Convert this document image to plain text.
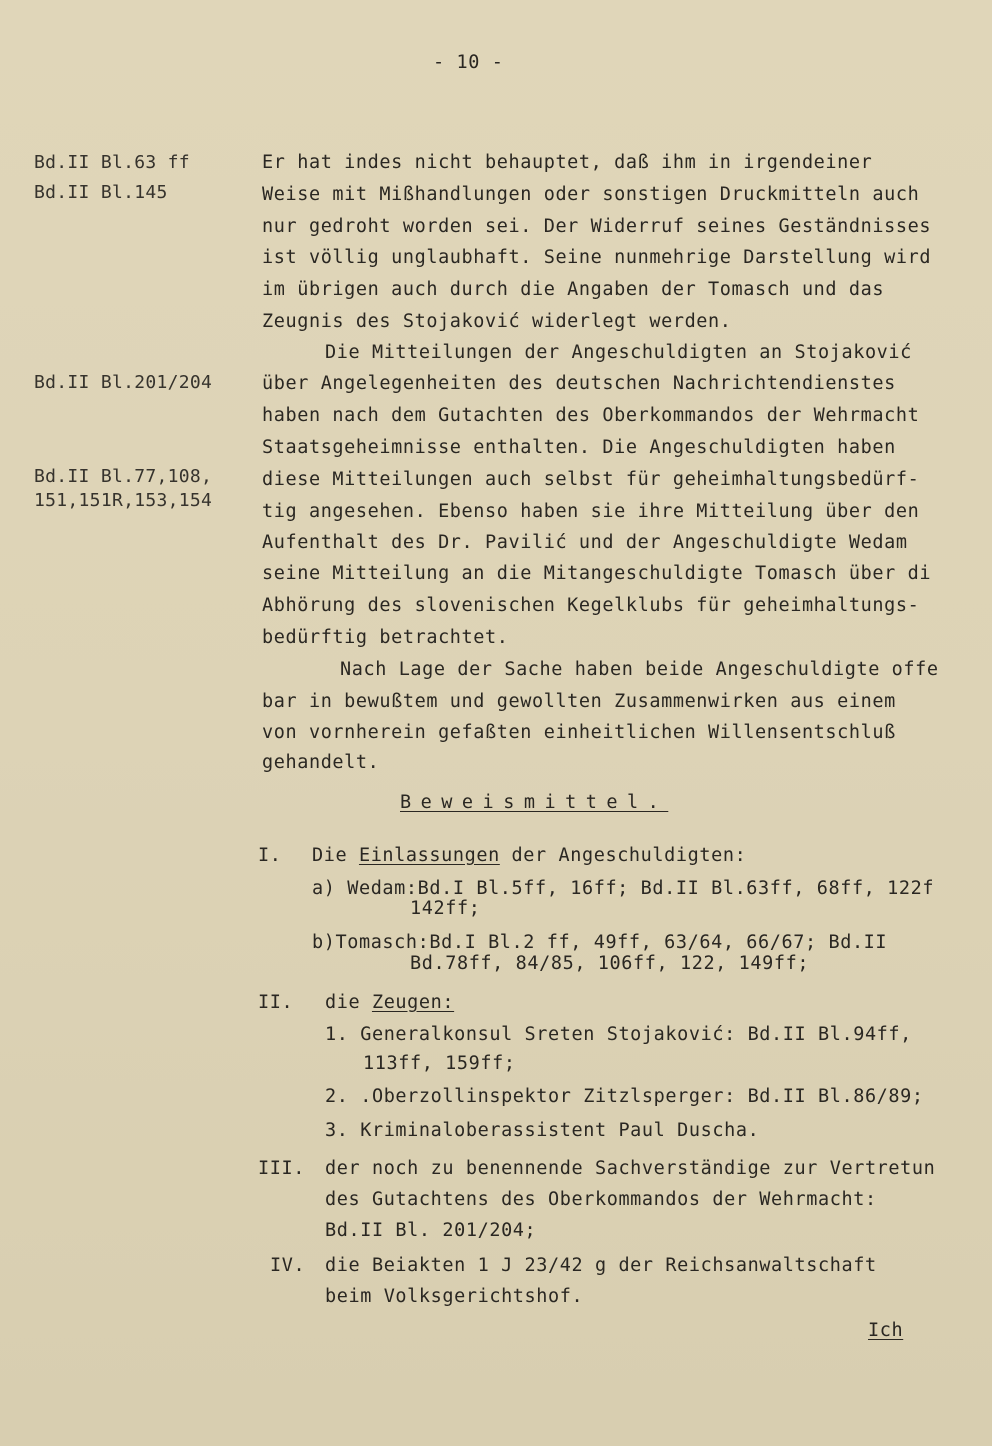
- 10 -
Bd.II Bl.63 ff
Bd.II Bl.145
Bd.II Bl.201/204
Bd.II Bl.77,108,
151,151R,153,154
Er hat indes nicht behauptet, daß ihm in irgendeiner
Weise mit Mißhandlungen oder sonstigen Druckmitteln auch
nur gedroht worden sei. Der Widerruf seines Geständnisses
ist völlig unglaubhaft. Seine nunmehrige Darstellung wird
im übrigen auch durch die Angaben der Tomasch und das
Zeugnis des Stojaković widerlegt werden.
Die Mitteilungen der Angeschuldigten an Stojaković
über Angelegenheiten des deutschen Nachrichtendienstes
haben nach dem Gutachten des Oberkommandos der Wehrmacht
Staatsgeheimnisse enthalten. Die Angeschuldigten haben
diese Mitteilungen auch selbst für geheimhaltungsbedürf-
tig angesehen. Ebenso haben sie ihre Mitteilung über den
Aufenthalt des Dr. Pavilić und der Angeschuldigte Wedam
seine Mitteilung an die Mitangeschuldigte Tomasch über di
Abhörung des slovenischen Kegelklubs für geheimhaltungs-
bedürftig betrachtet.
Nach Lage der Sache haben beide Angeschuldigte offe
bar in bewußtem und gewollten Zusammenwirken aus einem
von vornherein gefaßten einheitlichen Willensentschluß
gehandelt.
Beweismittel.
I. Die Einlassungen der Angeschuldigten:
a) Wedam:Bd.I Bl.5ff, 16ff; Bd.II Bl.63ff, 68ff, 122f
142ff;
b)Tomasch:Bd.I Bl.2 ff, 49ff, 63/64, 66/67; Bd.II
Bd.78ff, 84/85, 106ff, 122, 149ff;
II. die Zeugen:
1. Generalkonsul Sreten Stojaković: Bd.II Bl.94ff,
113ff, 159ff;
2. .Oberzollinspektor Zitzlsperger: Bd.II Bl.86/89;
3. Kriminaloberassistent Paul Duscha.
III. der noch zu benennende Sachverständige zur Vertretun
des Gutachtens des Oberkommandos der Wehrmacht:
Bd.II Bl. 201/204;
IV. die Beiakten 1 J 23/42 g der Reichsanwaltschaft
beim Volksgerichtshof.
Ich
